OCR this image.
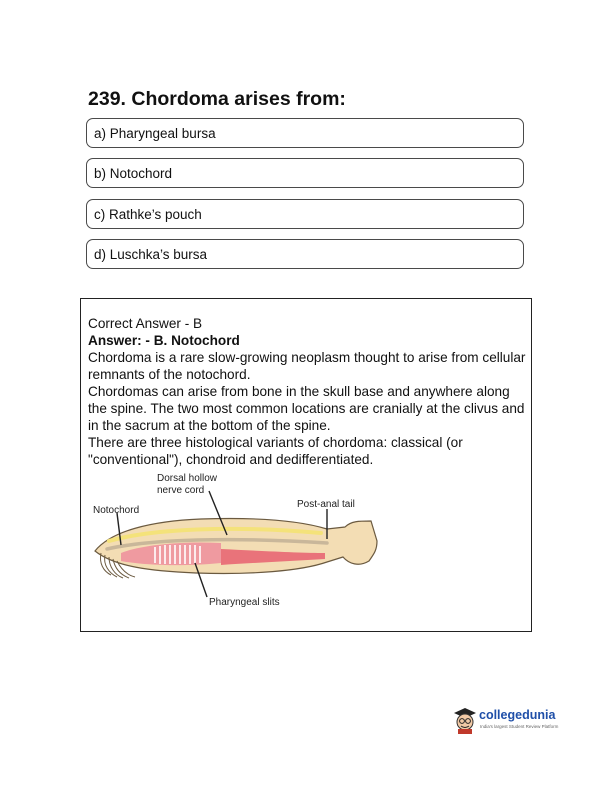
239. Chordoma arises from:
a) Pharyngeal bursa
b) Notochord
c) Rathke’s pouch
d) Luschka’s bursa

Correct Answer - B

Answer: - B. Notochord

Chordoma is a rare slow-growing neoplasm thought to arise from cellular remnants of the notochord.

Chordomas can arise from bone in the skull base and anywhere along the spine. The two most common locations are cranially at the clivus and in the sacrum at the bottom of the spine.

There are three histological variants of chordoma: classical (or "conventional"), chondroid and dedifferentiated.

Dorsal hollow
nerve cord
Notochord
Post-anal tail
Pharyngeal slits
collegedunia
India's largest Student Review Platform
